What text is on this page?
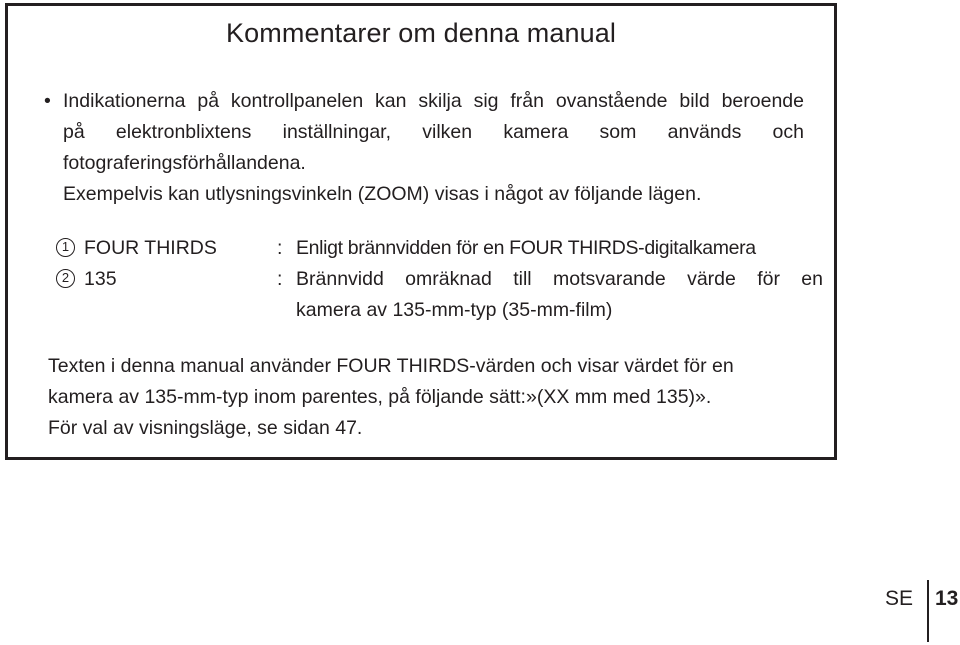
Kommentarer om denna manual
• Indikationerna på kontrollpanelen kan skilja sig från ovanstående bild beroende
på elektronblixtens inställningar, vilken kamera som används och
fotograferingsförhållandena.
Exempelvis kan utlysningsvinkeln (ZOOM) visas i något av följande lägen.
1 FOUR THIRDS	: Enligt brännvidden för en FOUR THIRDS-digitalkamera
2 135	: Brännvidd omräknad till motsvarande värde för en
kamera av 135-mm-typ (35-mm-film)
Texten i denna manual använder FOUR THIRDS-värden och visar värdet för en
kamera av 135-mm-typ inom parentes, på följande sätt:»(XX mm med 135)».
För val av visningsläge, se sidan 47.
SE 13
